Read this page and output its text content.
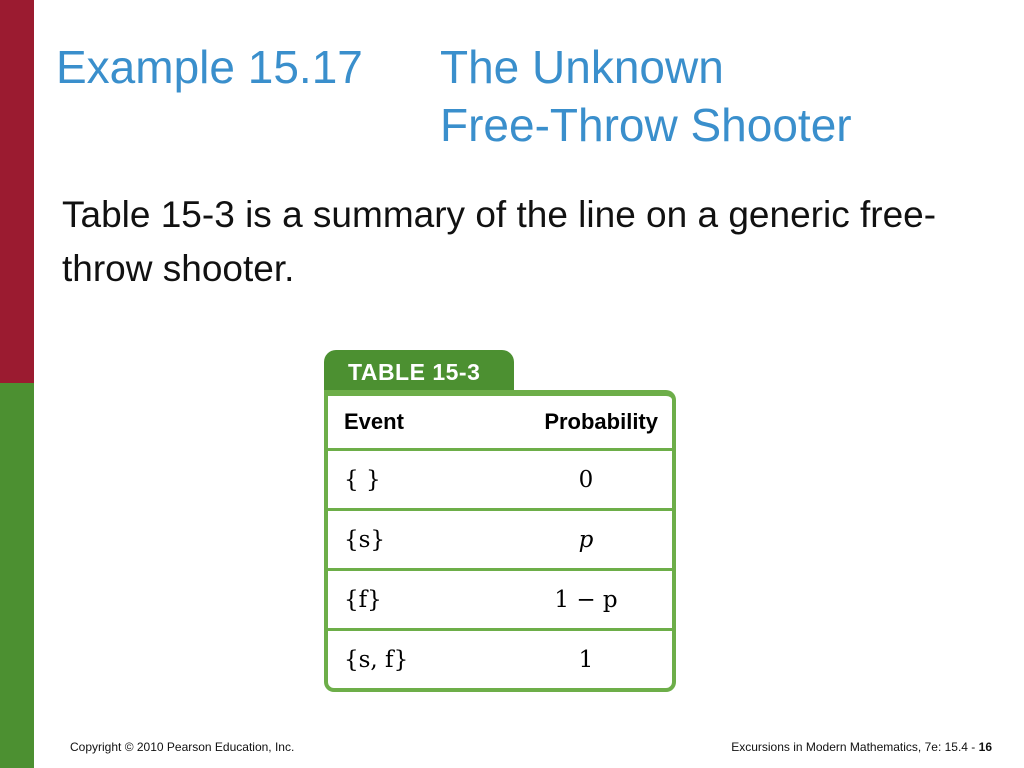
Example 15.17 The Unknown
Free-Throw Shooter

Table 15-3 is a summary of the line on a generic free-throw shooter.

TABLE 15-3
Event	Probability
{ }	0
{s}	p
{f}	1 − p
{s, f}	1
Copyright © 2010 Pearson Education, Inc.	Excursions in Modern Mathematics, 7e: 15.4 - 16
